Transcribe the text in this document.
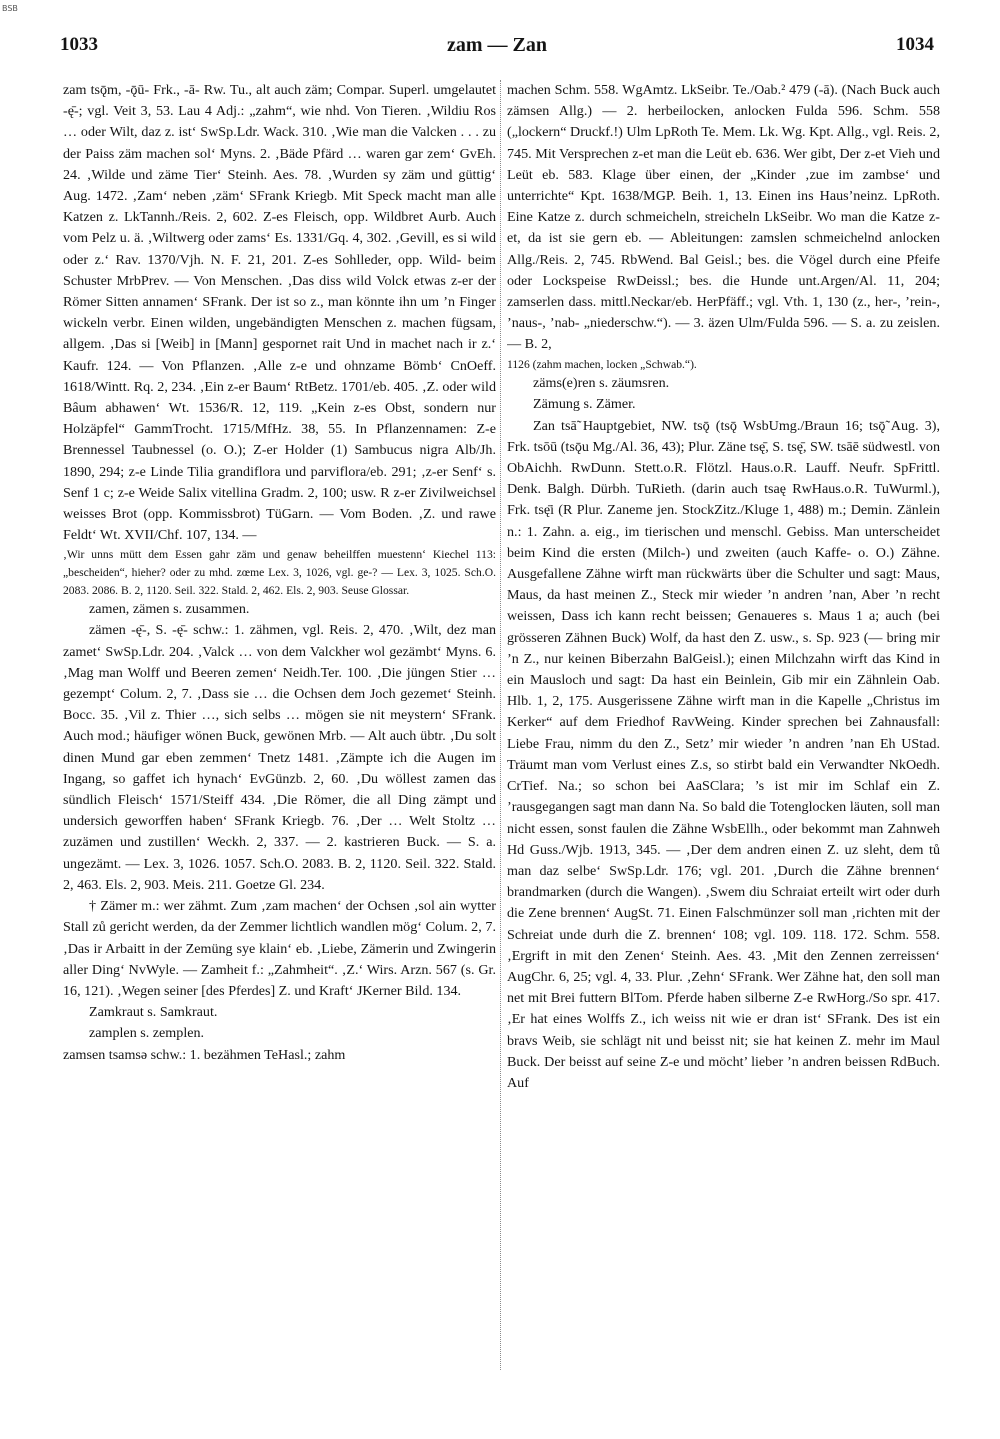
BSB
1033	zam — Zan	1034

zam tsǭm, -ǭū- Frk., -ā- Rw. Tu., alt auch zäm; Compar. Superl. umgelautet -ę̄-; vgl. Veit 3, 53. Lau 4 Adj.: „zahm“, wie nhd. Von Tieren. ‚Wildiu Ros … oder Wilt, daz z. ist‘ SwSp.Ldr. Wack. 310. ‚Wie man die Valcken . . . zu der Paiss zäm machen sol‘ Myns. 2. ‚Bäde Pfärd … waren gar zem‘ GvEh. 24. ‚Wilde und zäme Tier‘ Steinh. Aes. 78. ‚Wurden sy zäm und güttig‘ Aug. 1472. ‚Zam‘ neben ‚zäm‘ SFrank Kriegb. Mit Speck macht man alle Katzen z. LkTannh./Reis. 2, 602. Z-es Fleisch, opp. Wildbret Aurb. Auch vom Pelz u. ä. ‚Wiltwerg oder zams‘ Es. 1331/Gq. 4, 302. ‚Gevill, es si wild oder z.‘ Rav. 1370/Vjh. N. F. 21, 201. Z-es Sohlleder, opp. Wild- beim Schuster MrbPrev. — Von Menschen. ‚Das diss wild Volck etwas z-er der Römer Sitten annamen‘ SFrank. Der ist so z., man könnte ihn um ’n Finger wickeln verbr. Einen wilden, ungebändigten Menschen z. machen fügsam, allgem. ‚Das si [Weib] in [Mann] gespornet rait Und in machet nach ir z.‘ Kaufr. 124. — Von Pflanzen. ‚Alle z-e und ohnzame Bömb‘ CnOeff. 1618/Wintt. Rq. 2, 234. ‚Ein z-er Baum‘ RtBetz. 1701/eb. 405. ‚Z. oder wild Bâum abhawen‘ Wt. 1536/R. 12, 119. „Kein z-es Obst, sondern nur Holzäpfel“ GammTrocht. 1715/MfHz. 38, 55. In Pflanzennamen: Z-e Brennessel Taubnessel (o. O.); Z-er Holder (1) Sambucus nigra Alb/Jh. 1890, 294; z-e Linde Tilia grandiflora und parviflora/eb. 291; ‚z-er Senf‘ s. Senf 1 c; z-e Weide Salix vitellina Gradm. 2, 100; usw. R z-er Zivilweichsel weisses Brot (opp. Kommissbrot) TüGarn. — Vom Boden. ‚Z. und rawe Feldt‘ Wt. XVII/Chf. 107, 134. —

‚Wir unns mütt dem Essen gahr zäm und genaw beheilffen muestenn‘ Kiechel 113: „bescheiden“, hieher? oder zu mhd. zœme Lex. 3, 1026, vgl. ge-? — Lex. 3, 1025. Sch.O. 2083. 2086. B. 2, 1120. Seil. 322. Stald. 2, 462. Els. 2, 903. Seuse Glossar.

zamen, zämen s. zusammen.

zämen -ę̄-, S. -ę̄- schw.: 1. zähmen, vgl. Reis. 2, 470. ‚Wilt, dez man zamet‘ SwSp.Ldr. 204. ‚Valck … von dem Valckher wol gezämbt‘ Myns. 6. ‚Mag man Wolff und Beeren zemen‘ Neidh.Ter. 100. ‚Die jüngen Stier … gezempt‘ Colum. 2, 7. ‚Dass sie … die Ochsen dem Joch gezemet‘ Steinh. Bocc. 35. ‚Vil z. Thier …, sich selbs … mögen sie nit meystern‘ SFrank. Auch mod.; häufiger wönen Buck, gewönen Mrb. — Alt auch übtr. ‚Du solt dinen Mund gar eben zemmen‘ Tnetz 1481. ‚Zämpte ich die Augen im Ingang, so gaffet ich hynach‘ EvGünzb. 2, 60. ‚Du wöllest zamen das sündlich Fleisch‘ 1571/Steiff 434. ‚Die Römer, die all Ding zämpt und undersich geworffen haben‘ SFrank Kriegb. 76. ‚Der … Welt Stoltz … zuzämen und zustillen‘ Weckh. 2, 337. — 2. kastrieren Buck. — S. a. ungezämt. — Lex. 3, 1026. 1057. Sch.O. 2083. B. 2, 1120. Seil. 322. Stald. 2, 463. Els. 2, 903. Meis. 211. Goetze Gl. 234.

† Zämer m.: wer zähmt. Zum ‚zam machen‘ der Ochsen ‚sol ain wytter Stall zů gericht werden, da der Zemmer lichtlich wandlen mög‘ Colum. 2, 7. ‚Das ir Arbaitt in der Zemüng sye klain‘ eb. ‚Liebe, Zämerin und Zwingerin aller Ding‘ NvWyle. — Zamheit f.: „Zahmheit“. ‚Z.‘ Wirs. Arzn. 567 (s. Gr. 16, 121). ‚Wegen seiner [des Pferdes] Z. und Kraft‘ JKerner Bild. 134.

Zamkraut s. Samkraut.

zamplen s. zemplen.

zamsen tsamsə schw.: 1. bezähmen TeHasl.; zahm

machen Schm. 558. WgAmtz. LkSeibr. Te./Oab.² 479 (-ā). (Nach Buck auch zämsen Allg.) — 2. herbeilocken, anlocken Fulda 596. Schm. 558 („lockern“ Druckf.!) Ulm LpRoth Te. Mem. Lk. Wg. Kpt. Allg., vgl. Reis. 2, 745. Mit Versprechen z-et man die Leüt eb. 636. Wer gibt, Der z-et Vieh und Leüt eb. 583. Klage über einen, der „Kinder ‚zue im zambse‘ und unterrichte“ Kpt. 1638/MGP. Beih. 1, 13. Einen ins Haus’neinz. LpRoth. Eine Katze z. durch schmeicheln, streicheln LkSeibr. Wo man die Katze z-et, da ist sie gern eb. — Ableitungen: zamslen schmeichelnd anlocken Allg./Reis. 2, 745. RbWend. Bal Geisl.; bes. die Vögel durch eine Pfeife oder Lockspeise RwDeissl.; bes. die Hunde unt.Argen/Al. 11, 204; zamserlen dass. mittl.Neckar/eb. HerPfäff.; vgl. Vth. 1, 130 (z., her-, ’rein-, ’naus-, ’nab- „niederschw.“). — 3. äzen Ulm/Fulda 596. — S. a. zu zeislen. — B. 2,

1126 (zahm machen, locken „Schwab.“).

zäms(e)ren s. zäumsren.

Zämung s. Zämer.

Zan tsā̃ Hauptgebiet, NW. tsǭ (tsǭ WsbUmg./Braun 16; tsǭ̃ Aug. 3), Frk. tsōū (tsǭu Mg./Al. 36, 43); Plur. Zäne tsę̄, S. tsę̄, SW. tsāē südwestl. von ObAichh. RwDunn. Stett.o.R. Flötzl. Haus.o.R. Lauff. Neufr. SpFrittl. Denk. Balgh. Dürbh. TuRieth. (darin auch tsaę RwHaus.o.R. TuWurml.), Frk. tsę̄i (R Plur. Zaneme jen. StockZitz./Kluge 1, 488) m.; Demin. Zänlein n.: 1. Zahn. a. eig., im tierischen und menschl. Gebiss. Man unterscheidet beim Kind die ersten (Milch-) und zweiten (auch Kaffe- o. O.) Zähne. Ausgefallene Zähne wirft man rückwärts über die Schulter und sagt: Maus, Maus, da hast meinen Z., Steck mir wieder ’n andren ’nan, Aber ’n recht weissen, Dass ich kann recht beissen; Genaueres s. Maus 1 a; auch (bei grösseren Zähnen Buck) Wolf, da hast den Z. usw., s. Sp. 923 (— bring mir ’n Z., nur keinen Biberzahn BalGeisl.); einen Milchzahn wirft das Kind in ein Mausloch und sagt: Da hast ein Beinlein, Gib mir ein Zähnlein Oab. Hlb. 1, 2, 175. Ausgerissene Zähne wirft man in die Kapelle „Christus im Kerker“ auf dem Friedhof RavWeing. Kinder sprechen bei Zahnausfall: Liebe Frau, nimm du den Z., Setz’ mir wieder ’n andren ’nan Eh UStad. Träumt man vom Verlust eines Z.s, so stirbt bald ein Verwandter NkOedh. CrTief. Na.; so schon bei AaSClara; ’s ist mir im Schlaf ein Z. ’rausgegangen sagt man dann Na. So bald die Totenglocken läuten, soll man nicht essen, sonst faulen die Zähne WsbEllh., oder bekommt man Zahnweh Hd Guss./Wjb. 1913, 345. — ‚Der dem andren einen Z. uz sleht, dem tů man daz selbe‘ SwSp.Ldr. 176; vgl. 201. ‚Durch die Zähne brennen‘ brandmarken (durch die Wangen). ‚Swem diu Schraiat erteilt wirt oder durh die Zene brennen‘ AugSt. 71. Einen Falschmünzer soll man ‚richten mit der Schreiat unde durh die Z. brennen‘ 108; vgl. 109. 118. 172. Schm. 558. ‚Ergrift in mit den Zenen‘ Steinh. Aes. 43. ‚Mit den Zennen zerreissen‘ AugChr. 6, 25; vgl. 4, 33. Plur. ‚Zehn‘ SFrank. Wer Zähne hat, den soll man net mit Brei futtern BlTom. Pferde haben silberne Z-e RwHorg./So spr. 417. ‚Er hat eines Wolffs Z., ich weiss nit wie er dran ist‘ SFrank. Des ist ein bravs Weib, sie schlägt nit und beisst nit; sie hat keinen Z. mehr im Maul Buck. Der beisst auf seine Z-e und möcht’ lieber ’n andren beissen RdBuch. Auf
